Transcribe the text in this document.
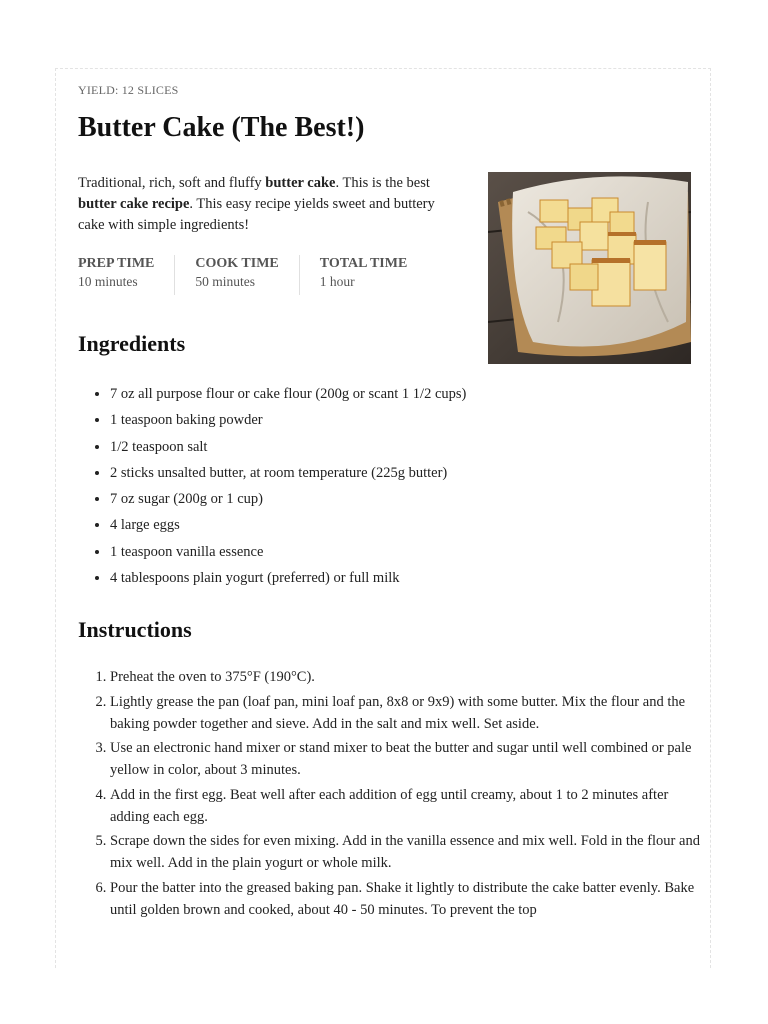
YIELD: 12 SLICES
Butter Cake (The Best!)

Traditional, rich, soft and fluffy butter cake. This is the best butter cake recipe. This easy recipe yields sweet and buttery cake with simple ingredients!

PREP TIME
10 minutes
COOK TIME
50 minutes
TOTAL TIME
1 hour
Ingredients
• 7 oz all purpose flour or cake flour (200g or scant 1 1/2 cups)
• 1 teaspoon baking powder
• 1/2 teaspoon salt
• 2 sticks unsalted butter, at room temperature (225g butter)
• 7 oz sugar (200g or 1 cup)
• 4 large eggs
• 1 teaspoon vanilla essence
• 4 tablespoons plain yogurt (preferred) or full milk
Instructions
1. Preheat the oven to 375°F (190°C).
2. Lightly grease the pan (loaf pan, mini loaf pan, 8x8 or 9x9) with some butter. Mix the flour and the baking powder together and sieve. Add in the salt and mix well. Set aside.
3. Use an electronic hand mixer or stand mixer to beat the butter and sugar until well combined or pale yellow in color, about 3 minutes.
4. Add in the first egg. Beat well after each addition of egg until creamy, about 1 to 2 minutes after adding each egg.
5. Scrape down the sides for even mixing. Add in the vanilla essence and mix well. Fold in the flour and mix well. Add in the plain yogurt or whole milk.
6. Pour the batter into the greased baking pan. Shake it lightly to distribute the cake batter evenly. Bake until golden brown and cooked, about 40 - 50 minutes. To prevent the top
